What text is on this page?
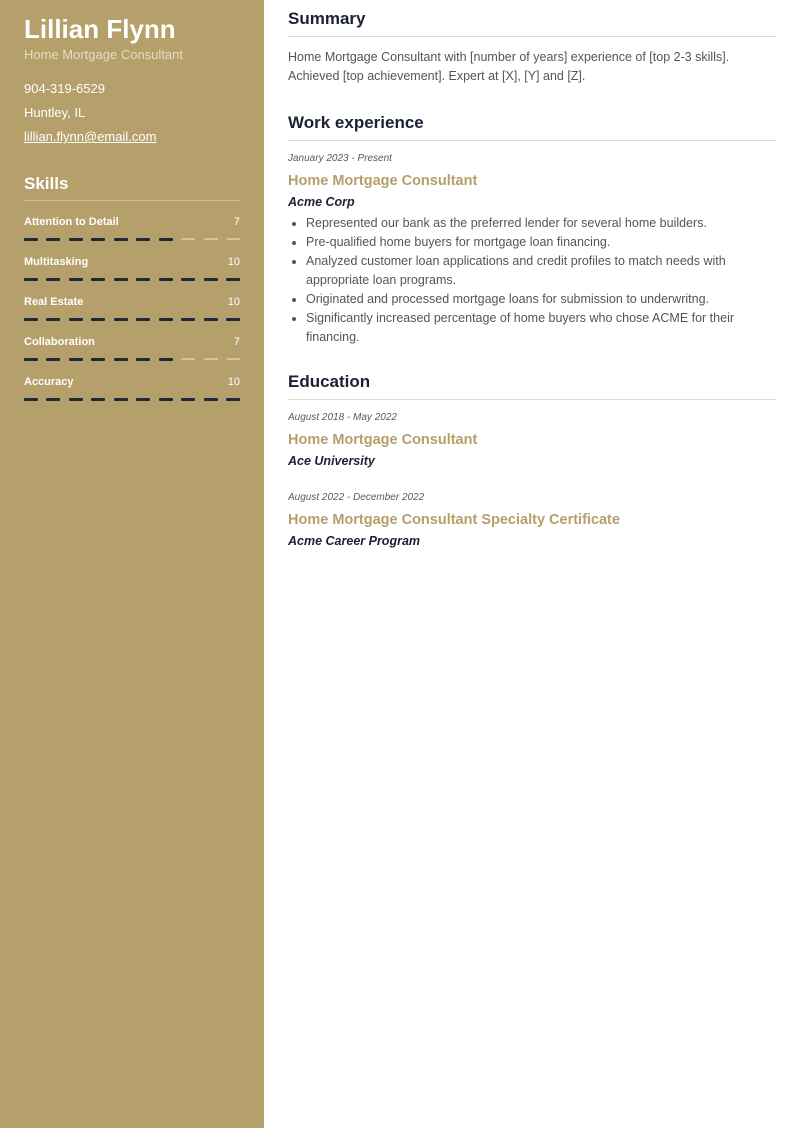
Lillian Flynn
Home Mortgage Consultant
904-319-6529
Huntley, IL
lillian.flynn@email.com
Skills
Attention to Detail	7
Multitasking	10
Real Estate	10
Collaboration	7
Accuracy	10
Summary

Home Mortgage Consultant with [number of years] experience of [top 2-3 skills]. Achieved [top achievement]. Expert at [X], [Y] and [Z].

Work experience
January 2023 - Present
Home Mortgage Consultant
Acme Corp
• Represented our bank as the preferred lender for several home builders.
• Pre-qualified home buyers for mortgage loan financing.
• Analyzed customer loan applications and credit profiles to match needs with appropriate loan programs.
• Originated and processed mortgage loans for submission to underwritng.
• Significantly increased percentage of home buyers who chose ACME for their financing.
Education
August 2018 - May 2022
Home Mortgage Consultant
Ace University
August 2022 - December 2022
Home Mortgage Consultant Specialty Certificate
Acme Career Program
